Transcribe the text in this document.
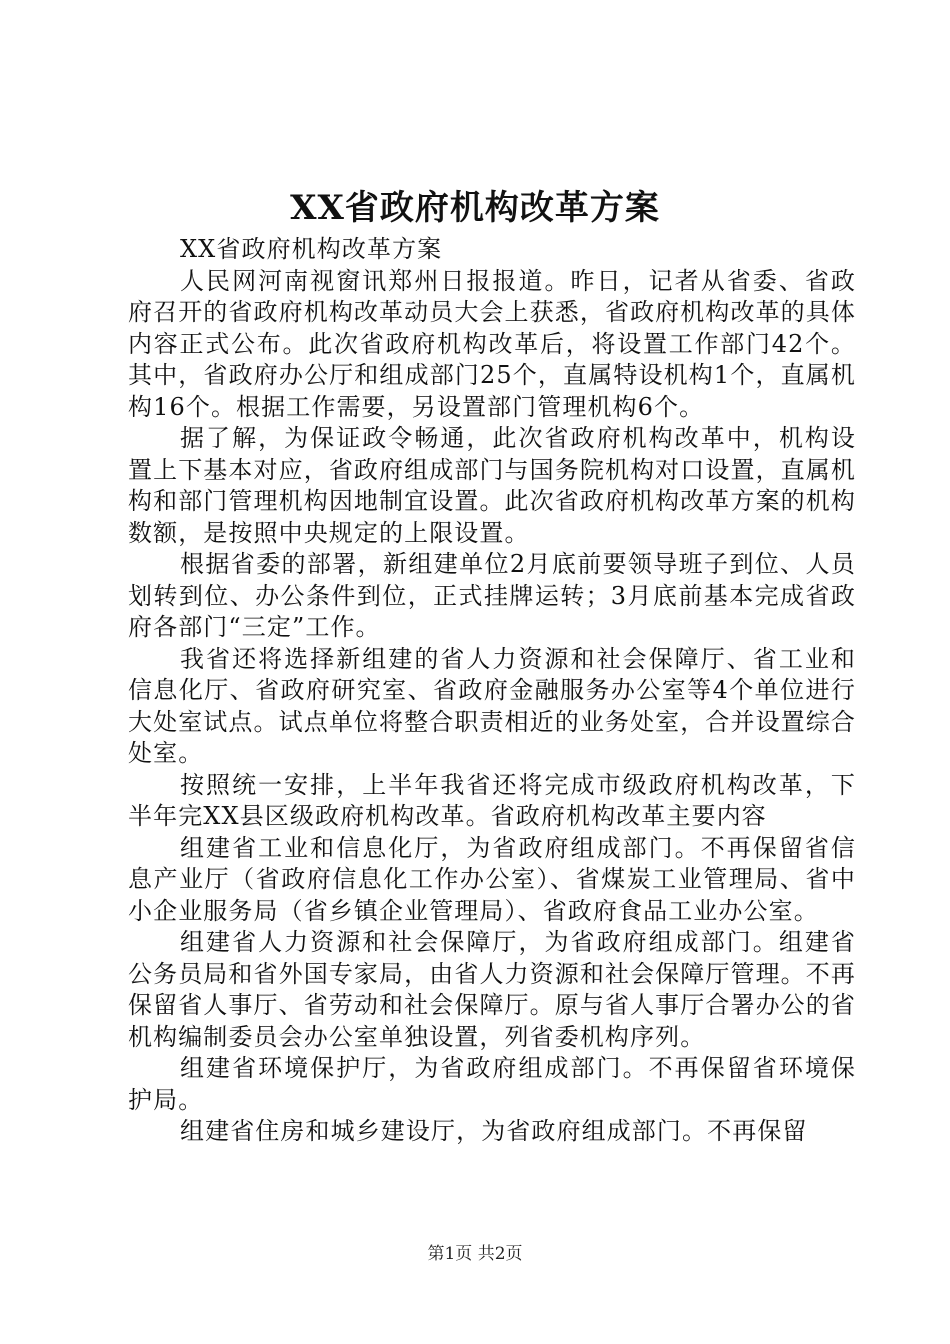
XX省政府机构改革方案

XX省政府机构改革方案

人民网河南视窗讯郑州日报报道。昨日，记者从省委、省政府召开的省政府机构改革动员大会上获悉，省政府机构改革的具体内容正式公布。此次省政府机构改革后，将设置工作部门42个。其中，省政府办公厅和组成部门25个，直属特设机构1个，直属机构16个。根据工作需要，另设置部门管理机构6个。

据了解，为保证政令畅通，此次省政府机构改革中，机构设置上下基本对应，省政府组成部门与国务院机构对口设置，直属机构和部门管理机构因地制宜设置。此次省政府机构改革方案的机构数额，是按照中央规定的上限设置。

根据省委的部署，新组建单位2月底前要领导班子到位、人员划转到位、办公条件到位，正式挂牌运转；3月底前基本完成省政府各部门“三定”工作。

我省还将选择新组建的省人力资源和社会保障厅、省工业和信息化厅、省政府研究室、省政府金融服务办公室等4个单位进行大处室试点。试点单位将整合职责相近的业务处室，合并设置综合处室。

按照统一安排，上半年我省还将完成市级政府机构改革，下半年完XX县区级政府机构改革。省政府机构改革主要内容

组建省工业和信息化厅，为省政府组成部门。不再保留省信息产业厅（省政府信息化工作办公室）、省煤炭工业管理局、省中小企业服务局（省乡镇企业管理局）、省政府食品工业办公室。

组建省人力资源和社会保障厅，为省政府组成部门。组建省公务员局和省外国专家局，由省人力资源和社会保障厅管理。不再保留省人事厅、省劳动和社会保障厅。原与省人事厅合署办公的省机构编制委员会办公室单独设置，列省委机构序列。

组建省环境保护厅，为省政府组成部门。不再保留省环境保护局。

组建省住房和城乡建设厅，为省政府组成部门。不再保留

第1页 共2页
